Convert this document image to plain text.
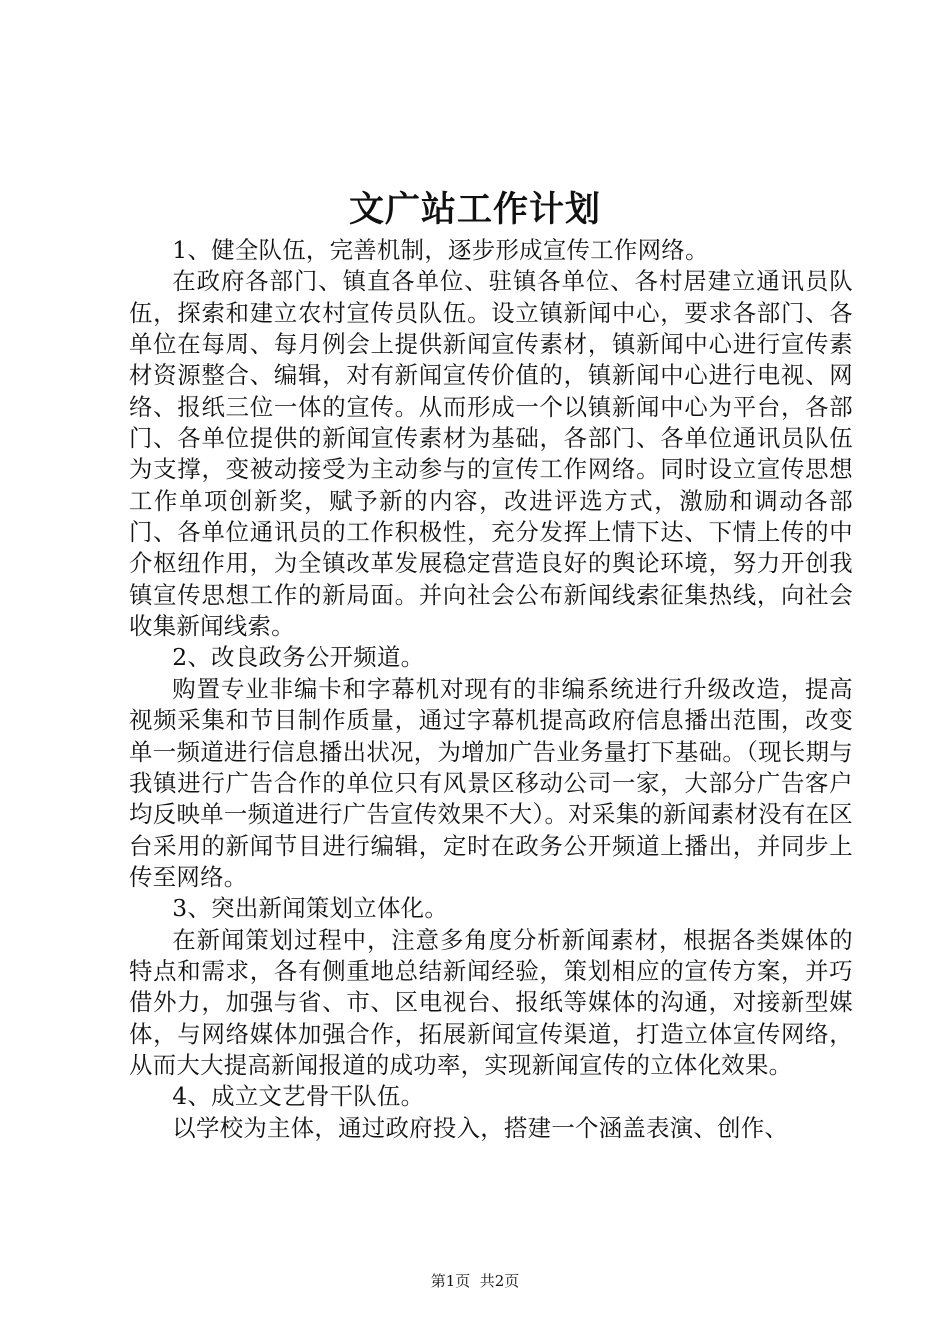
文广站工作计划

1、健全队伍，完善机制，逐步形成宣传工作网络。

在政府各部门、镇直各单位、驻镇各单位、各村居建立通讯员队伍，探索和建立农村宣传员队伍。设立镇新闻中心，要求各部门、各单位在每周、每月例会上提供新闻宣传素材，镇新闻中心进行宣传素材资源整合、编辑，对有新闻宣传价值的，镇新闻中心进行电视、网络、报纸三位一体的宣传。从而形成一个以镇新闻中心为平台，各部门、各单位提供的新闻宣传素材为基础，各部门、各单位通讯员队伍为支撑，变被动接受为主动参与的宣传工作网络。同时设立宣传思想工作单项创新奖，赋予新的内容，改进评选方式，激励和调动各部门、各单位通讯员的工作积极性，充分发挥上情下达、下情上传的中介枢纽作用，为全镇改革发展稳定营造良好的舆论环境，努力开创我镇宣传思想工作的新局面。并向社会公布新闻线索征集热线，向社会收集新闻线索。

2、改良政务公开频道。

购置专业非编卡和字幕机对现有的非编系统进行升级改造，提高视频采集和节目制作质量，通过字幕机提高政府信息播出范围，改变单一频道进行信息播出状况，为增加广告业务量打下基础。（现长期与我镇进行广告合作的单位只有风景区移动公司一家，大部分广告客户均反映单一频道进行广告宣传效果不大）。对采集的新闻素材没有在区台采用的新闻节目进行编辑，定时在政务公开频道上播出，并同步上传至网络。

3、突出新闻策划立体化。

在新闻策划过程中，注意多角度分析新闻素材，根据各类媒体的特点和需求，各有侧重地总结新闻经验，策划相应的宣传方案，并巧借外力，加强与省、市、区电视台、报纸等媒体的沟通，对接新型媒体，与网络媒体加强合作，拓展新闻宣传渠道，打造立体宣传网络，从而大大提高新闻报道的成功率，实现新闻宣传的立体化效果。

4、成立文艺骨干队伍。

以学校为主体，通过政府投入，搭建一个涵盖表演、创作、

第1页  共2页
